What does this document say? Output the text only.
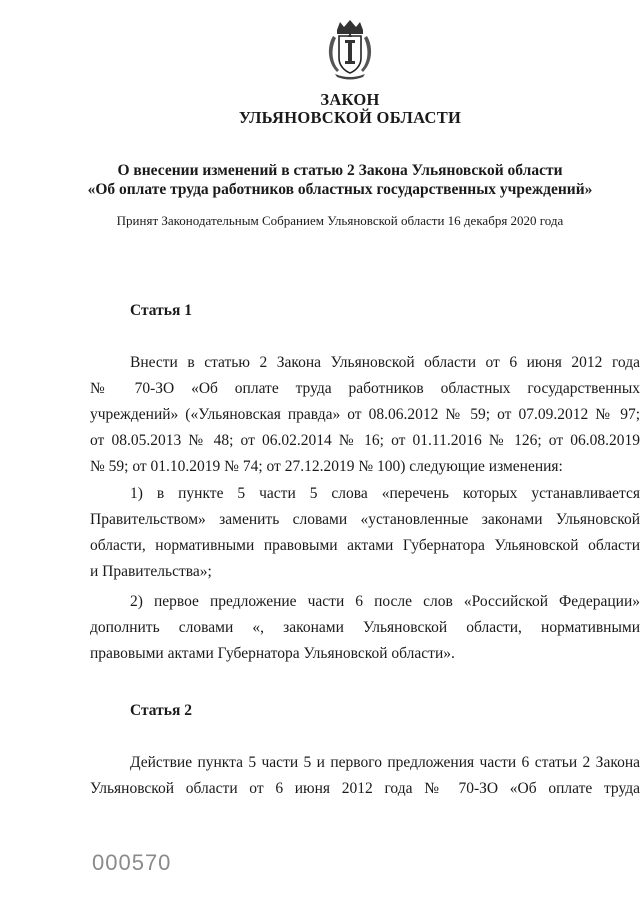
ЗАКОН
УЛЬЯНОВСКОЙ ОБЛАСТИ
О внесении изменений в статью 2 Закона Ульяновской области
«Об оплате труда работников областных государственных учреждений»
Принят Законодательным Собранием Ульяновской области 16 декабря 2020 года
Статья 1
Внести в статью 2 Закона Ульяновской области от 6 июня 2012 года
№ 70-ЗО «Об оплате труда работников областных государственных
учреждений» («Ульяновская правда» от 08.06.2012 № 59; от 07.09.2012 № 97;
от 08.05.2013 № 48; от 06.02.2014 № 16; от 01.11.2016 № 126; от 06.08.2019
№ 59; от 01.10.2019 № 74; от 27.12.2019 № 100) следующие изменения:
1) в пункте 5 части 5 слова «перечень которых устанавливается
Правительством» заменить словами «установленные законами Ульяновской
области, нормативными правовыми актами Губернатора Ульяновской области
и Правительства»;
2) первое предложение части 6 после слов «Российской Федерации»
дополнить словами «, законами Ульяновской области, нормативными
правовыми актами Губернатора Ульяновской области».
Статья 2
Действие пункта 5 части 5 и первого предложения части 6 статьи 2 Закона
Ульяновской области от 6 июня 2012 года № 70-ЗО «Об оплате труда
000570
